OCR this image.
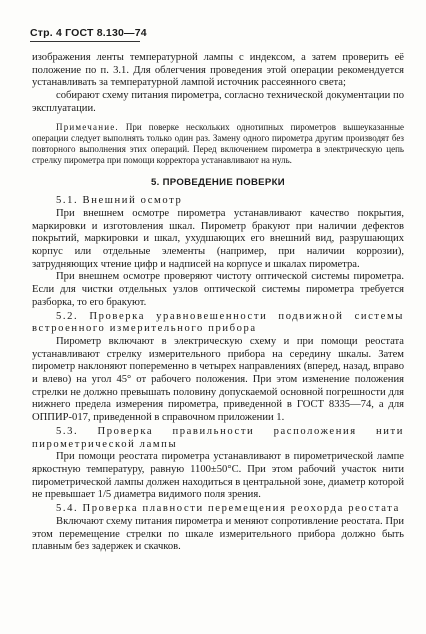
Стр. 4 ГОСТ 8.130—74

изображения ленты температурной лампы с индексом, а затем проверить её положение по п. 3.1. Для облегчения проведения этой операции рекомендуется устанавливать за температурной лампой источник рассеянного света;

собирают схему питания пирометра, согласно технической документации по эксплуатации.

Примечание. При поверке нескольких однотипных пирометров вышеуказанные операции следует выполнять только один раз. Замену одного пирометра другим производят без повторного выполнения этих операций. Перед включением пирометра в электрическую цепь стрелку пирометра при помощи корректора устанавливают на нуль.

5. ПРОВЕДЕНИЕ ПОВЕРКИ

5.1. Внешний осмотр

При внешнем осмотре пирометра устанавливают качество покрытия, маркировки и изготовления шкал. Пирометр бракуют при наличии дефектов покрытий, маркировки и шкал, ухудшающих его внешний вид, разрушающих корпус или отдельные элементы (например, при наличии коррозии), затрудняющих чтение цифр и надписей на корпусе и шкалах пирометра.

При внешнем осмотре проверяют чистоту оптической системы пирометра. Если для чистки отдельных узлов оптической системы пирометра требуется разборка, то его бракуют.

5.2. Проверка уравновешенности подвижной системы встроенного измерительного прибора

Пирометр включают в электрическую схему и при помощи реостата устанавливают стрелку измерительного прибора на середину шкалы. Затем пирометр наклоняют попеременно в четырех направлениях (вперед, назад, вправо и влево) на угол 45° от рабочего положения. При этом изменение положения стрелки не должно превышать половину допускаемой основной погрешности для нижнего предела измерения пирометра, приведенной в ГОСТ 8335—74, а для ОППИР-017, приведенной в справочном приложении 1.

5.3. Проверка правильности расположения нити пирометрической лампы

При помощи реостата пирометра устанавливают в пирометрической лампе яркостную температуру, равную 1100±50°С. При этом рабочий участок нити пирометрической лампы должен находиться в центральной зоне, диаметр которой не превышает 1/5 диаметра видимого поля зрения.

5.4. Проверка плавности перемещения реохорда реостата

Включают схему питания пирометра и меняют сопротивление реостата. При этом перемещение стрелки по шкале измерительного прибора должно быть плавным без задержек и скачков.
